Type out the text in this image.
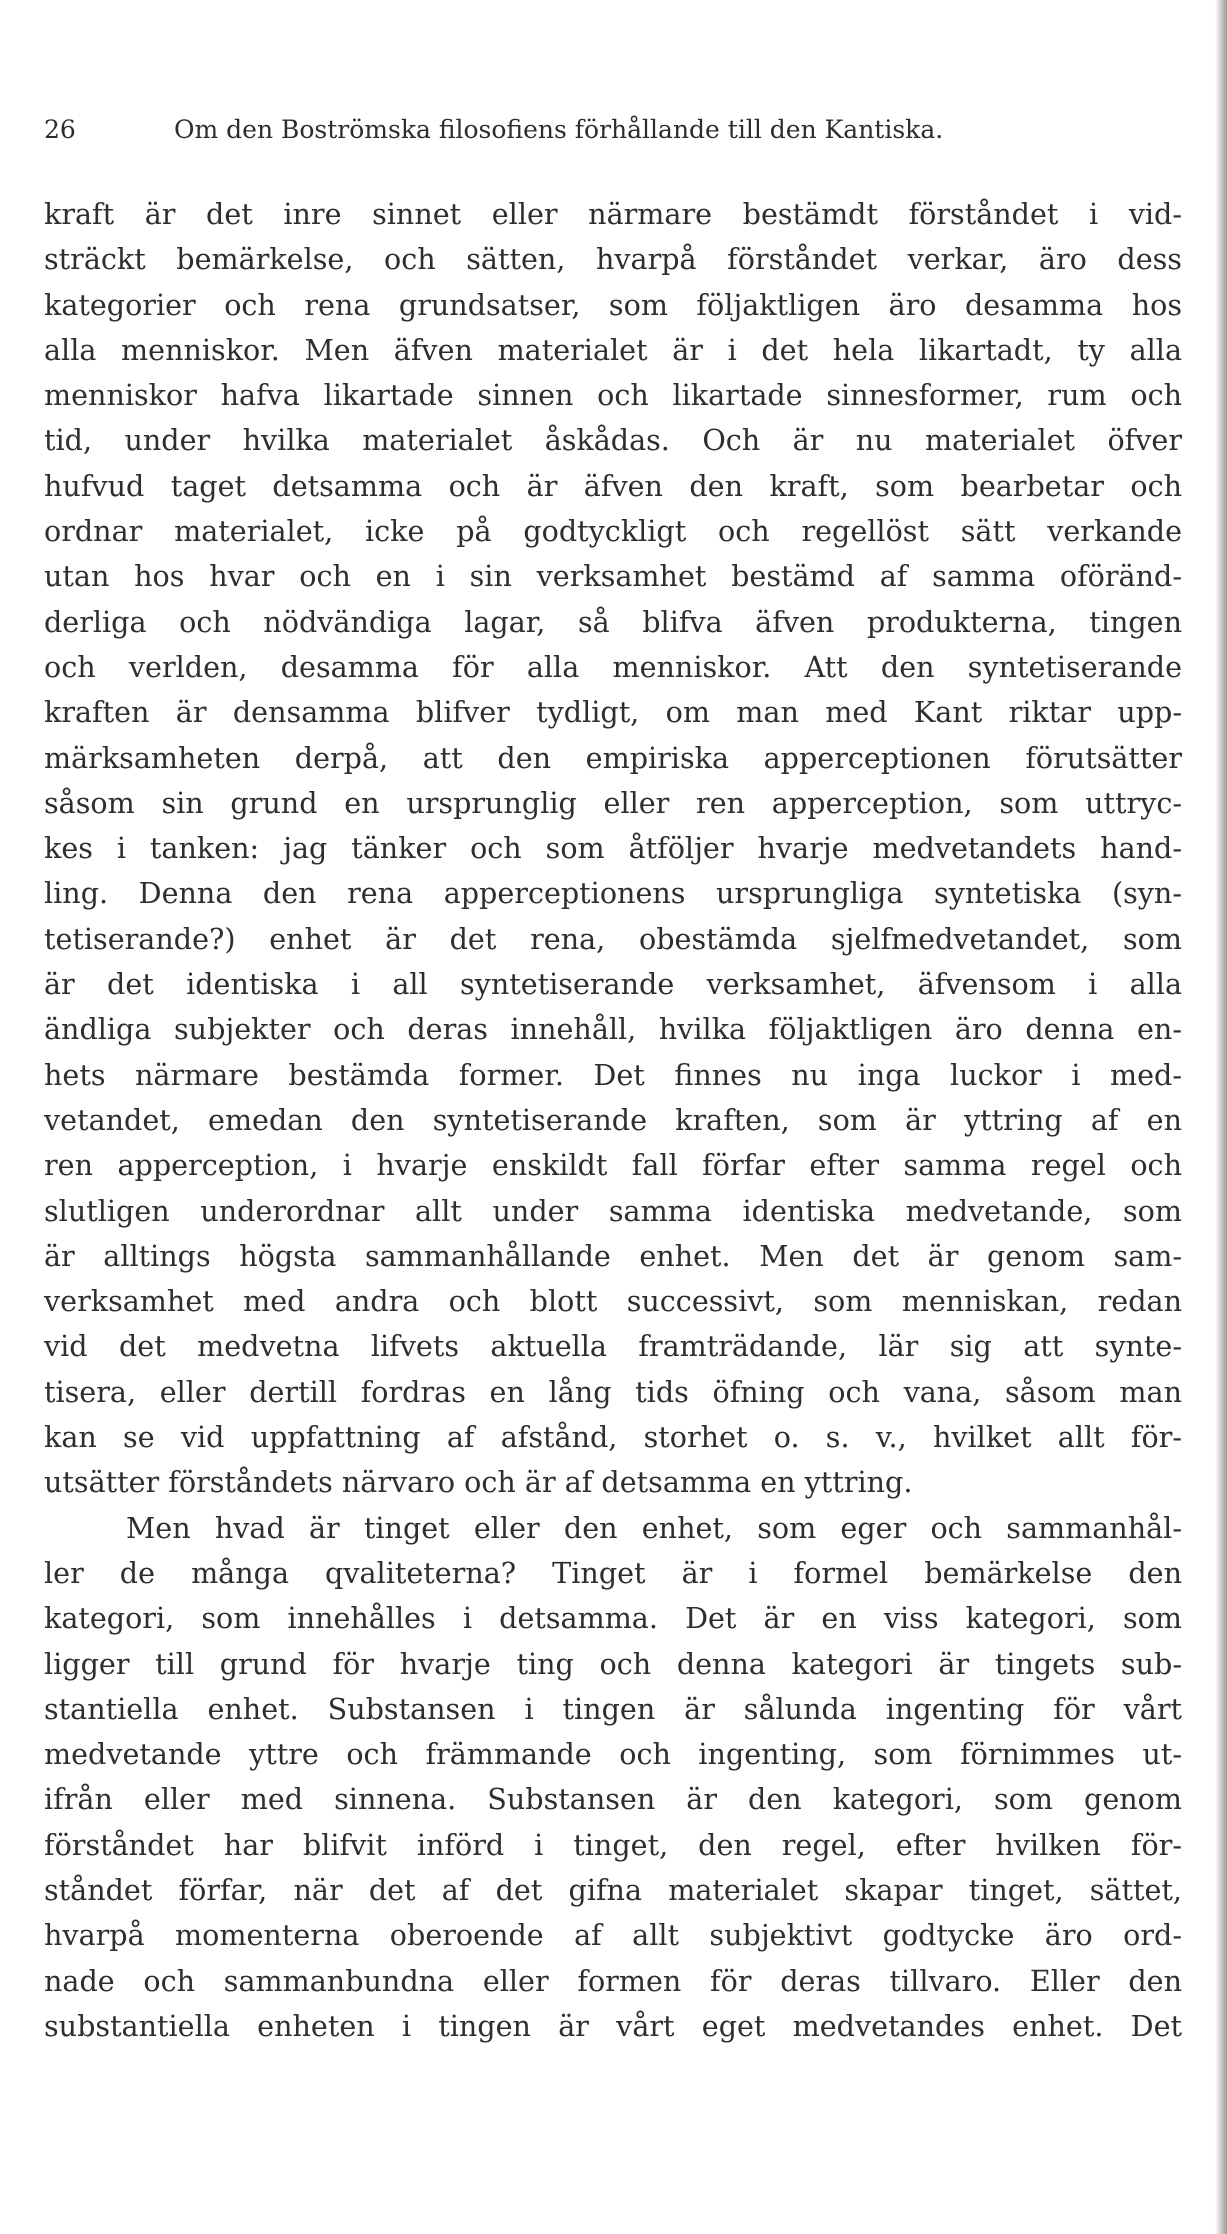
26	Om den Boströmska filosofiens förhållande till den Kantiska.
kraft är det inre sinnet eller närmare bestämdt förståndet i vid-
sträckt bemärkelse, och sätten, hvarpå förståndet verkar, äro dess
kategorier och rena grundsatser, som följaktligen äro desamma hos
alla menniskor. Men äfven materialet är i det hela likartadt, ty alla
menniskor hafva likartade sinnen och likartade sinnesformer, rum och
tid, under hvilka materialet åskådas. Och är nu materialet öfver
hufvud taget detsamma och är äfven den kraft, som bearbetar och
ordnar materialet, icke på godtyckligt och regellöst sätt verkande
utan hos hvar och en i sin verksamhet bestämd af samma oföränd-
derliga och nödvändiga lagar, så blifva äfven produkterna, tingen
och verlden, desamma för alla menniskor. Att den syntetiserande
kraften är densamma blifver tydligt, om man med Kant riktar upp-
märksamheten derpå, att den empiriska apperceptionen förutsätter
såsom sin grund en ursprunglig eller ren apperception, som uttryc-
kes i tanken: jag tänker och som åtföljer hvarje medvetandets hand-
ling. Denna den rena apperceptionens ursprungliga syntetiska (syn-
tetiserande?) enhet är det rena, obestämda sjelfmedvetandet, som
är det identiska i all syntetiserande verksamhet, äfvensom i alla
ändliga subjekter och deras innehåll, hvilka följaktligen äro denna en-
hets närmare bestämda former. Det finnes nu inga luckor i med-
vetandet, emedan den syntetiserande kraften, som är yttring af en
ren apperception, i hvarje enskildt fall förfar efter samma regel och
slutligen underordnar allt under samma identiska medvetande, som
är alltings högsta sammanhållande enhet. Men det är genom sam-
verksamhet med andra och blott successivt, som menniskan, redan
vid det medvetna lifvets aktuella framträdande, lär sig att synte-
tisera, eller dertill fordras en lång tids öfning och vana, såsom man
kan se vid uppfattning af afstånd, storhet o. s. v., hvilket allt för-
utsätter förståndets närvaro och är af detsamma en yttring.
Men hvad är tinget eller den enhet, som eger och sammanhål-
ler de många qvaliteterna? Tinget är i formel bemärkelse den
kategori, som innehålles i detsamma. Det är en viss kategori, som
ligger till grund för hvarje ting och denna kategori är tingets sub-
stantiella enhet. Substansen i tingen är sålunda ingenting för vårt
medvetande yttre och främmande och ingenting, som förnimmes ut-
ifrån eller med sinnena. Substansen är den kategori, som genom
förståndet har blifvit införd i tinget, den regel, efter hvilken för-
ståndet förfar, när det af det gifna materialet skapar tinget, sättet,
hvarpå momenterna oberoende af allt subjektivt godtycke äro ord-
nade och sammanbundna eller formen för deras tillvaro. Eller den
substantiella enheten i tingen är vårt eget medvetandes enhet. Det
